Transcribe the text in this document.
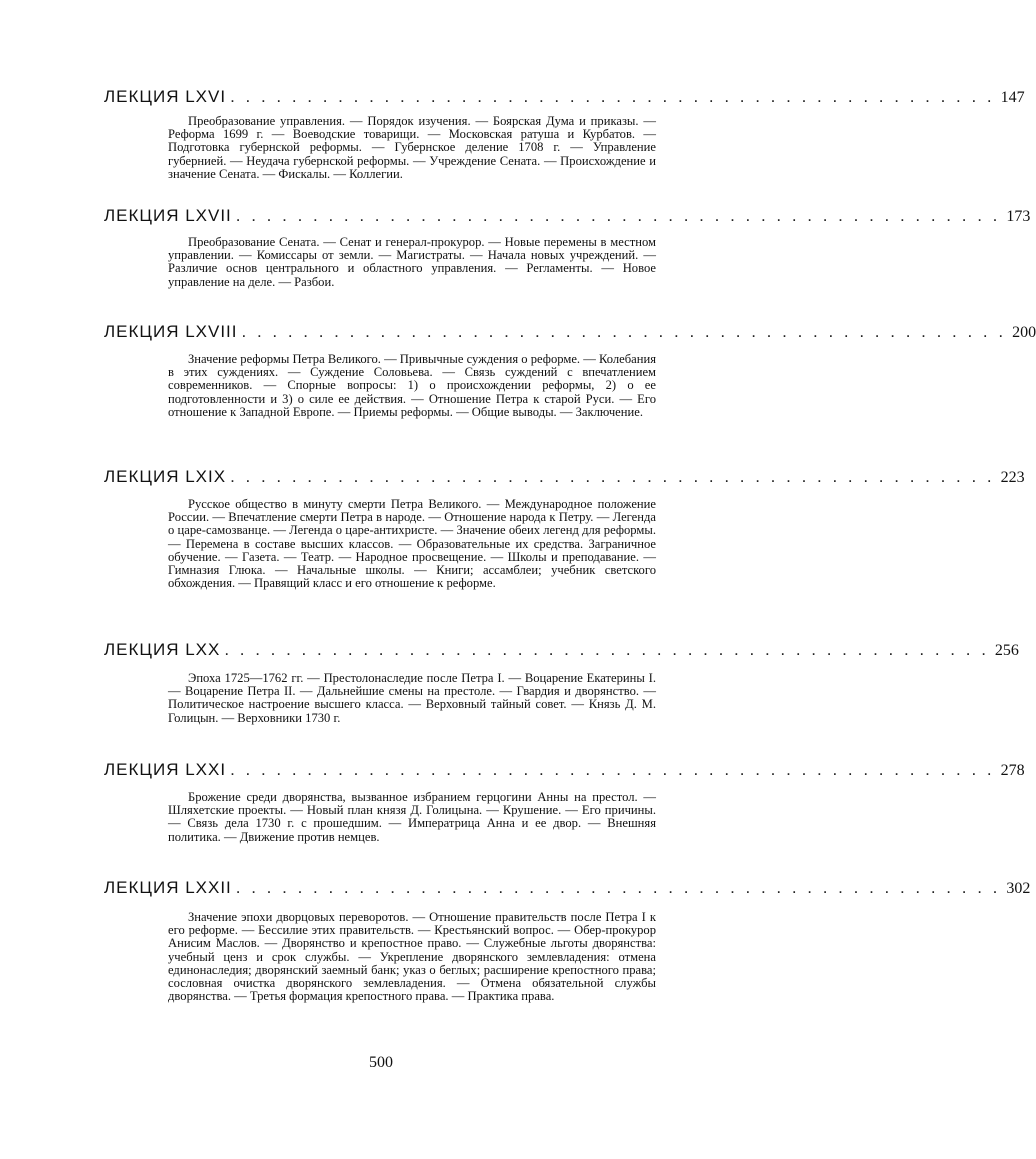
ЛЕКЦИЯ LXVI . . . . . . . . . . . . . . . . . . . . . . . . . . . . . . . . . . . . . . . . . . . . . . . . . . 147

Преобразование управления. — Порядок изучения. — Боярская Дума и приказы. — Реформа 1699 г. — Воеводские товарищи. — Московская ратуша и Курбатов. — Подготовка губернской реформы. — Губернское деление 1708 г. — Управление губернией. — Неудача губернской реформы. — Учреждение Сената. — Происхождение и значение Сената. — Фискалы. — Коллегии.

ЛЕКЦИЯ LXVII . . . . . . . . . . . . . . . . . . . . . . . . . . . . . . . . . . . . . . . . . . . . . . . . . . 173

Преобразование Сената. — Сенат и генерал-прокурор. — Новые перемены в местном управлении. — Комиссары от земли. — Магистраты. — Начала новых учреждений. — Различие основ центрального и областного управления. — Регламенты. — Новое управление на деле. — Разбои.

ЛЕКЦИЯ LXVIII . . . . . . . . . . . . . . . . . . . . . . . . . . . . . . . . . . . . . . . . . . . . . . . . . . 200

Значение реформы Петра Великого. — Привычные суждения о реформе. — Колебания в этих суждениях. — Суждение Соловьева. — Связь суждений с впечатлением современников. — Спорные вопросы: 1) о происхождении реформы, 2) о ее подготовленности и 3) о силе ее действия. — Отношение Петра к старой Руси. — Его отношение к Западной Европе. — Приемы реформы. — Общие выводы. — Заключение.

ЛЕКЦИЯ LXIX . . . . . . . . . . . . . . . . . . . . . . . . . . . . . . . . . . . . . . . . . . . . . . . . . . 223

Русское общество в минуту смерти Петра Великого. — Международное положение России. — Впечатление смерти Петра в народе. — Отношение народа к Петру. — Легенда о царе-самозванце. — Легенда о царе-антихристе. — Значение обеих легенд для реформы. — Перемена в составе высших классов. — Образовательные их средства. Заграничное обучение. — Газета. — Театр. — Народное просвещение. — Школы и преподавание. — Гимназия Глюка. — Начальные школы. — Книги; ассамблеи; учебник светского обхождения. — Правящий класс и его отношение к реформе.

ЛЕКЦИЯ LXX . . . . . . . . . . . . . . . . . . . . . . . . . . . . . . . . . . . . . . . . . . . . . . . . . . 256

Эпоха 1725—1762 гг. — Престолонаследие после Петра I. — Воцарение Екатерины I. — Воцарение Петра II. — Дальнейшие смены на престоле. — Гвардия и дворянство. — Политическое настроение высшего класса. — Верховный тайный совет. — Князь Д. М. Голицын. — Верховники 1730 г.

ЛЕКЦИЯ LXXI . . . . . . . . . . . . . . . . . . . . . . . . . . . . . . . . . . . . . . . . . . . . . . . . . . 278

Брожение среди дворянства, вызванное избранием герцогини Анны на престол. — Шляхетские проекты. — Новый план князя Д. Голицына. — Крушение. — Его причины. — Связь дела 1730 г. с прошедшим. — Императрица Анна и ее двор. — Внешняя политика. — Движение против немцев.

ЛЕКЦИЯ LXXII . . . . . . . . . . . . . . . . . . . . . . . . . . . . . . . . . . . . . . . . . . . . . . . . . . 302

Значение эпохи дворцовых переворотов. — Отношение правительств после Петра I к его реформе. — Бессилие этих правительств. — Крестьянский вопрос. — Обер-прокурор Анисим Маслов. — Дворянство и крепостное право. — Служебные льготы дворянства: учебный ценз и срок службы. — Укрепление дворянского землевладения: отмена единонаследия; дворянский заемный банк; указ о беглых; расширение крепостного права; сословная очистка дворянского землевладения. — Отмена обязательной службы дворянства. — Третья формация крепостного права. — Практика права.

500
